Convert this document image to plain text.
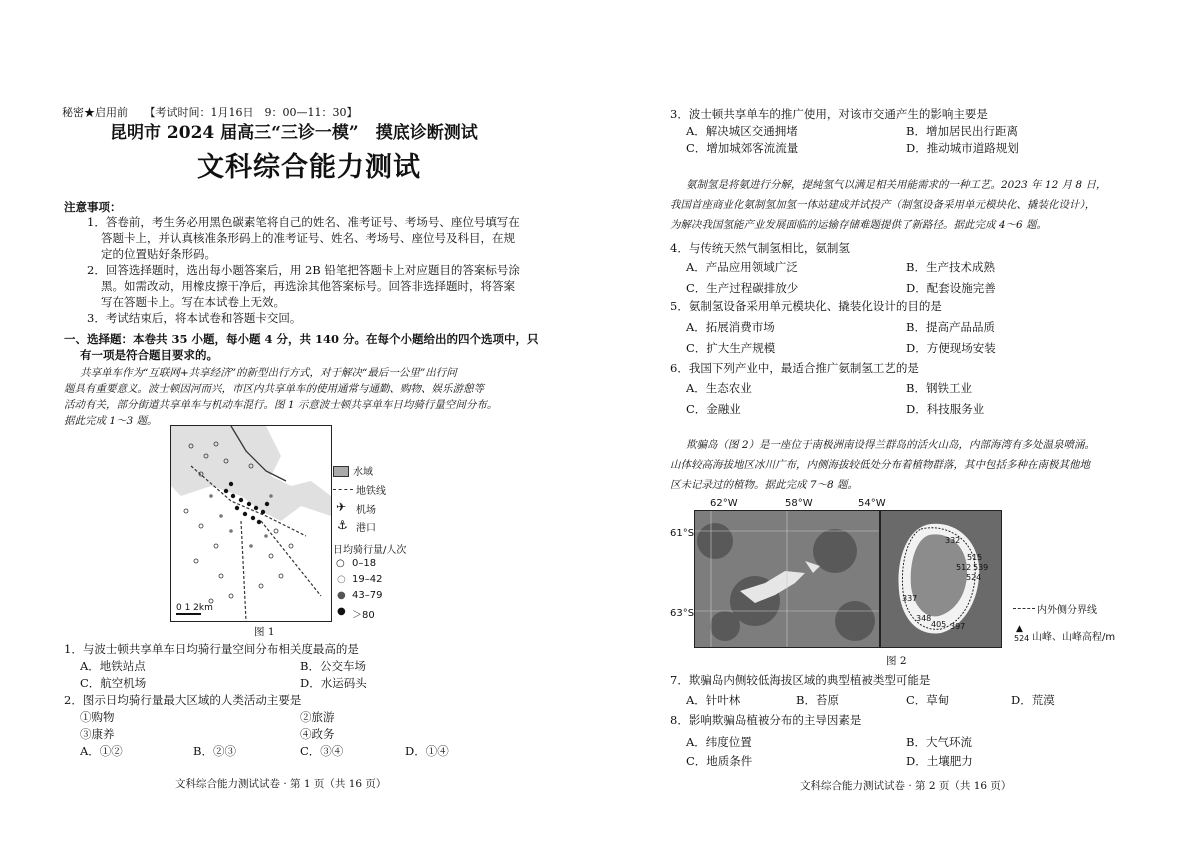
秘密★启用前　　【考试时间：1月16日　9：00—11：30】
昆明市 2024 届高三“三诊一模”　摸底诊断测试
文科综合能力测试
注意事项：
1．答卷前，考生务必用黑色碳素笔将自己的姓名、准考证号、考场号、座位号填写在
答题卡上，并认真核准条形码上的准考证号、姓名、考场号、座位号及科目，在规
定的位置贴好条形码。
2．回答选择题时，选出每小题答案后，用 2B 铅笔把答题卡上对应题目的答案标号涂
黑。如需改动，用橡皮擦干净后，再选涂其他答案标号。回答非选择题时，将答案
写在答题卡上。写在本试卷上无效。
3．考试结束后，将本试卷和答题卡交回。
一、选择题：本卷共 35 小题，每小题 4 分，共 140 分。在每个小题给出的四个选项中，只
有一项是符合题目要求的。
共享单车作为“互联网+共享经济”的新型出行方式，对于解决“最后一公里”出行问
题具有重要意义。波士顿因河而兴，市区内共享单车的使用通常与通勤、购物、娱乐游憩等
活动有关，部分街道共享单车与机动车混行。图 1 示意波士顿共享单车日均骑行量空间分布。
据此完成 1～3 题。
水域
地铁线
✈ 机场
⚓ 港口
日均骑行量/人次
○ 0–18
○ 19–42
● 43–79
● ＞80
0 1 2km
图 1
1．与波士顿共享单车日均骑行量空间分布相关度最高的是
A．地铁站点	B．公交车场
C．航空机场	D．水运码头
2．图示日均骑行量最大区域的人类活动主要是
①购物	②旅游
③康养	④政务
A．①②	B．②③	C．③④	D．①④
文科综合能力测试试卷 · 第 1 页（共 16 页）
3．波士顿共享单车的推广使用，对该市交通产生的影响主要是
A．解决城区交通拥堵	B．增加居民出行距离
C．增加城郊客流流量	D．推动城市道路规划
氨制氢是将氨进行分解，提純氢气以满足相关用能需求的一种工艺。2023 年 12 月 8 日，
我国首座商业化氨制氢加氢一体站建成并试投产（制氢设备采用单元模块化、撬装化设计），
为解决我国氢能产业发展面临的运输存储难题提供了新路径。据此完成 4～6 题。
4．与传统天然气制氢相比，氨制氢
A．产品应用领域广泛	B．生产技术成熟
C．生产过程碳排放少	D．配套设施完善
5．氨制氢设备采用单元模块化、撬装化设计的目的是
A．拓展消费市场	B．提高产品品质
C．扩大生产规模	D．方便现场安装
6．我国下列产业中，最适合推广氨制氢工艺的是
A．生态农业	B．钢铁工业
C．金融业	D．科技服务业
欺骗岛（图 2）是一座位于南极洲南设得兰群岛的活火山岛，内部海湾有多处温泉喷涌。
山体较高海拔地区冰川广布，内侧海拔较低处分布着植物群落，其中包括多种在南极其他地
区未记录过的植物。据此完成 7～8 题。
62°W	58°W	54°W
61°S
63°S
332
515
539
512
524
337
348
405 397
内外侧分界线
▲
524 山峰、山峰高程/m
图 2
7．欺骗岛内侧较低海拔区域的典型植被类型可能是
A．针叶林	B．苔原	C．草甸	D．荒漠
8．影响欺骗岛植被分布的主导因素是
A．纬度位置	B．大气环流
C．地质条件	D．土壤肥力
文科综合能力测试试卷 · 第 2 页（共 16 页）
